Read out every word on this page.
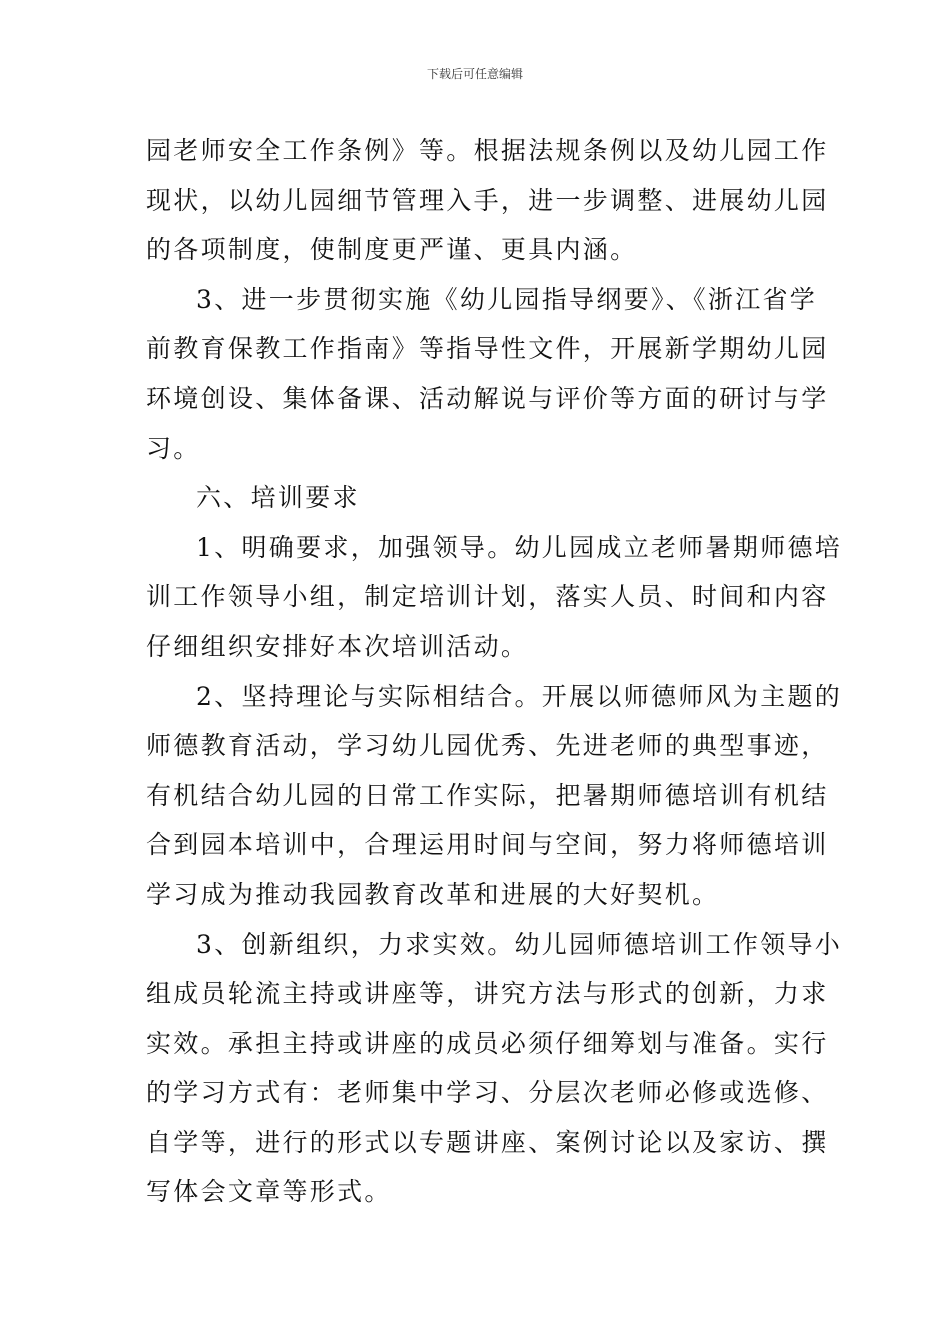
下载后可任意编辑
园老师安全工作条例》等。根据法规条例以及幼儿园工作
现状，以幼儿园细节管理入手，进一步调整、进展幼儿园
的各项制度，使制度更严谨、更具内涵。
3、进一步贯彻实施《幼儿园指导纲要》、《浙江省学
前教育保教工作指南》等指导性文件，开展新学期幼儿园
环境创设、集体备课、活动解说与评价等方面的研讨与学
习。
六、培训要求
1、明确要求，加强领导。幼儿园成立老师暑期师德培
训工作领导小组，制定培训计划，落实人员、时间和内容
仔细组织安排好本次培训活动。
2、坚持理论与实际相结合。开展以师德师风为主题的
师德教育活动，学习幼儿园优秀、先进老师的典型事迹，
有机结合幼儿园的日常工作实际，把暑期师德培训有机结
合到园本培训中，合理运用时间与空间，努力将师德培训
学习成为推动我园教育改革和进展的大好契机。
3、创新组织，力求实效。幼儿园师德培训工作领导小
组成员轮流主持或讲座等，讲究方法与形式的创新，力求
实效。承担主持或讲座的成员必须仔细筹划与准备。实行
的学习方式有：老师集中学习、分层次老师必修或选修、
自学等，进行的形式以专题讲座、案例讨论以及家访、撰
写体会文章等形式。
